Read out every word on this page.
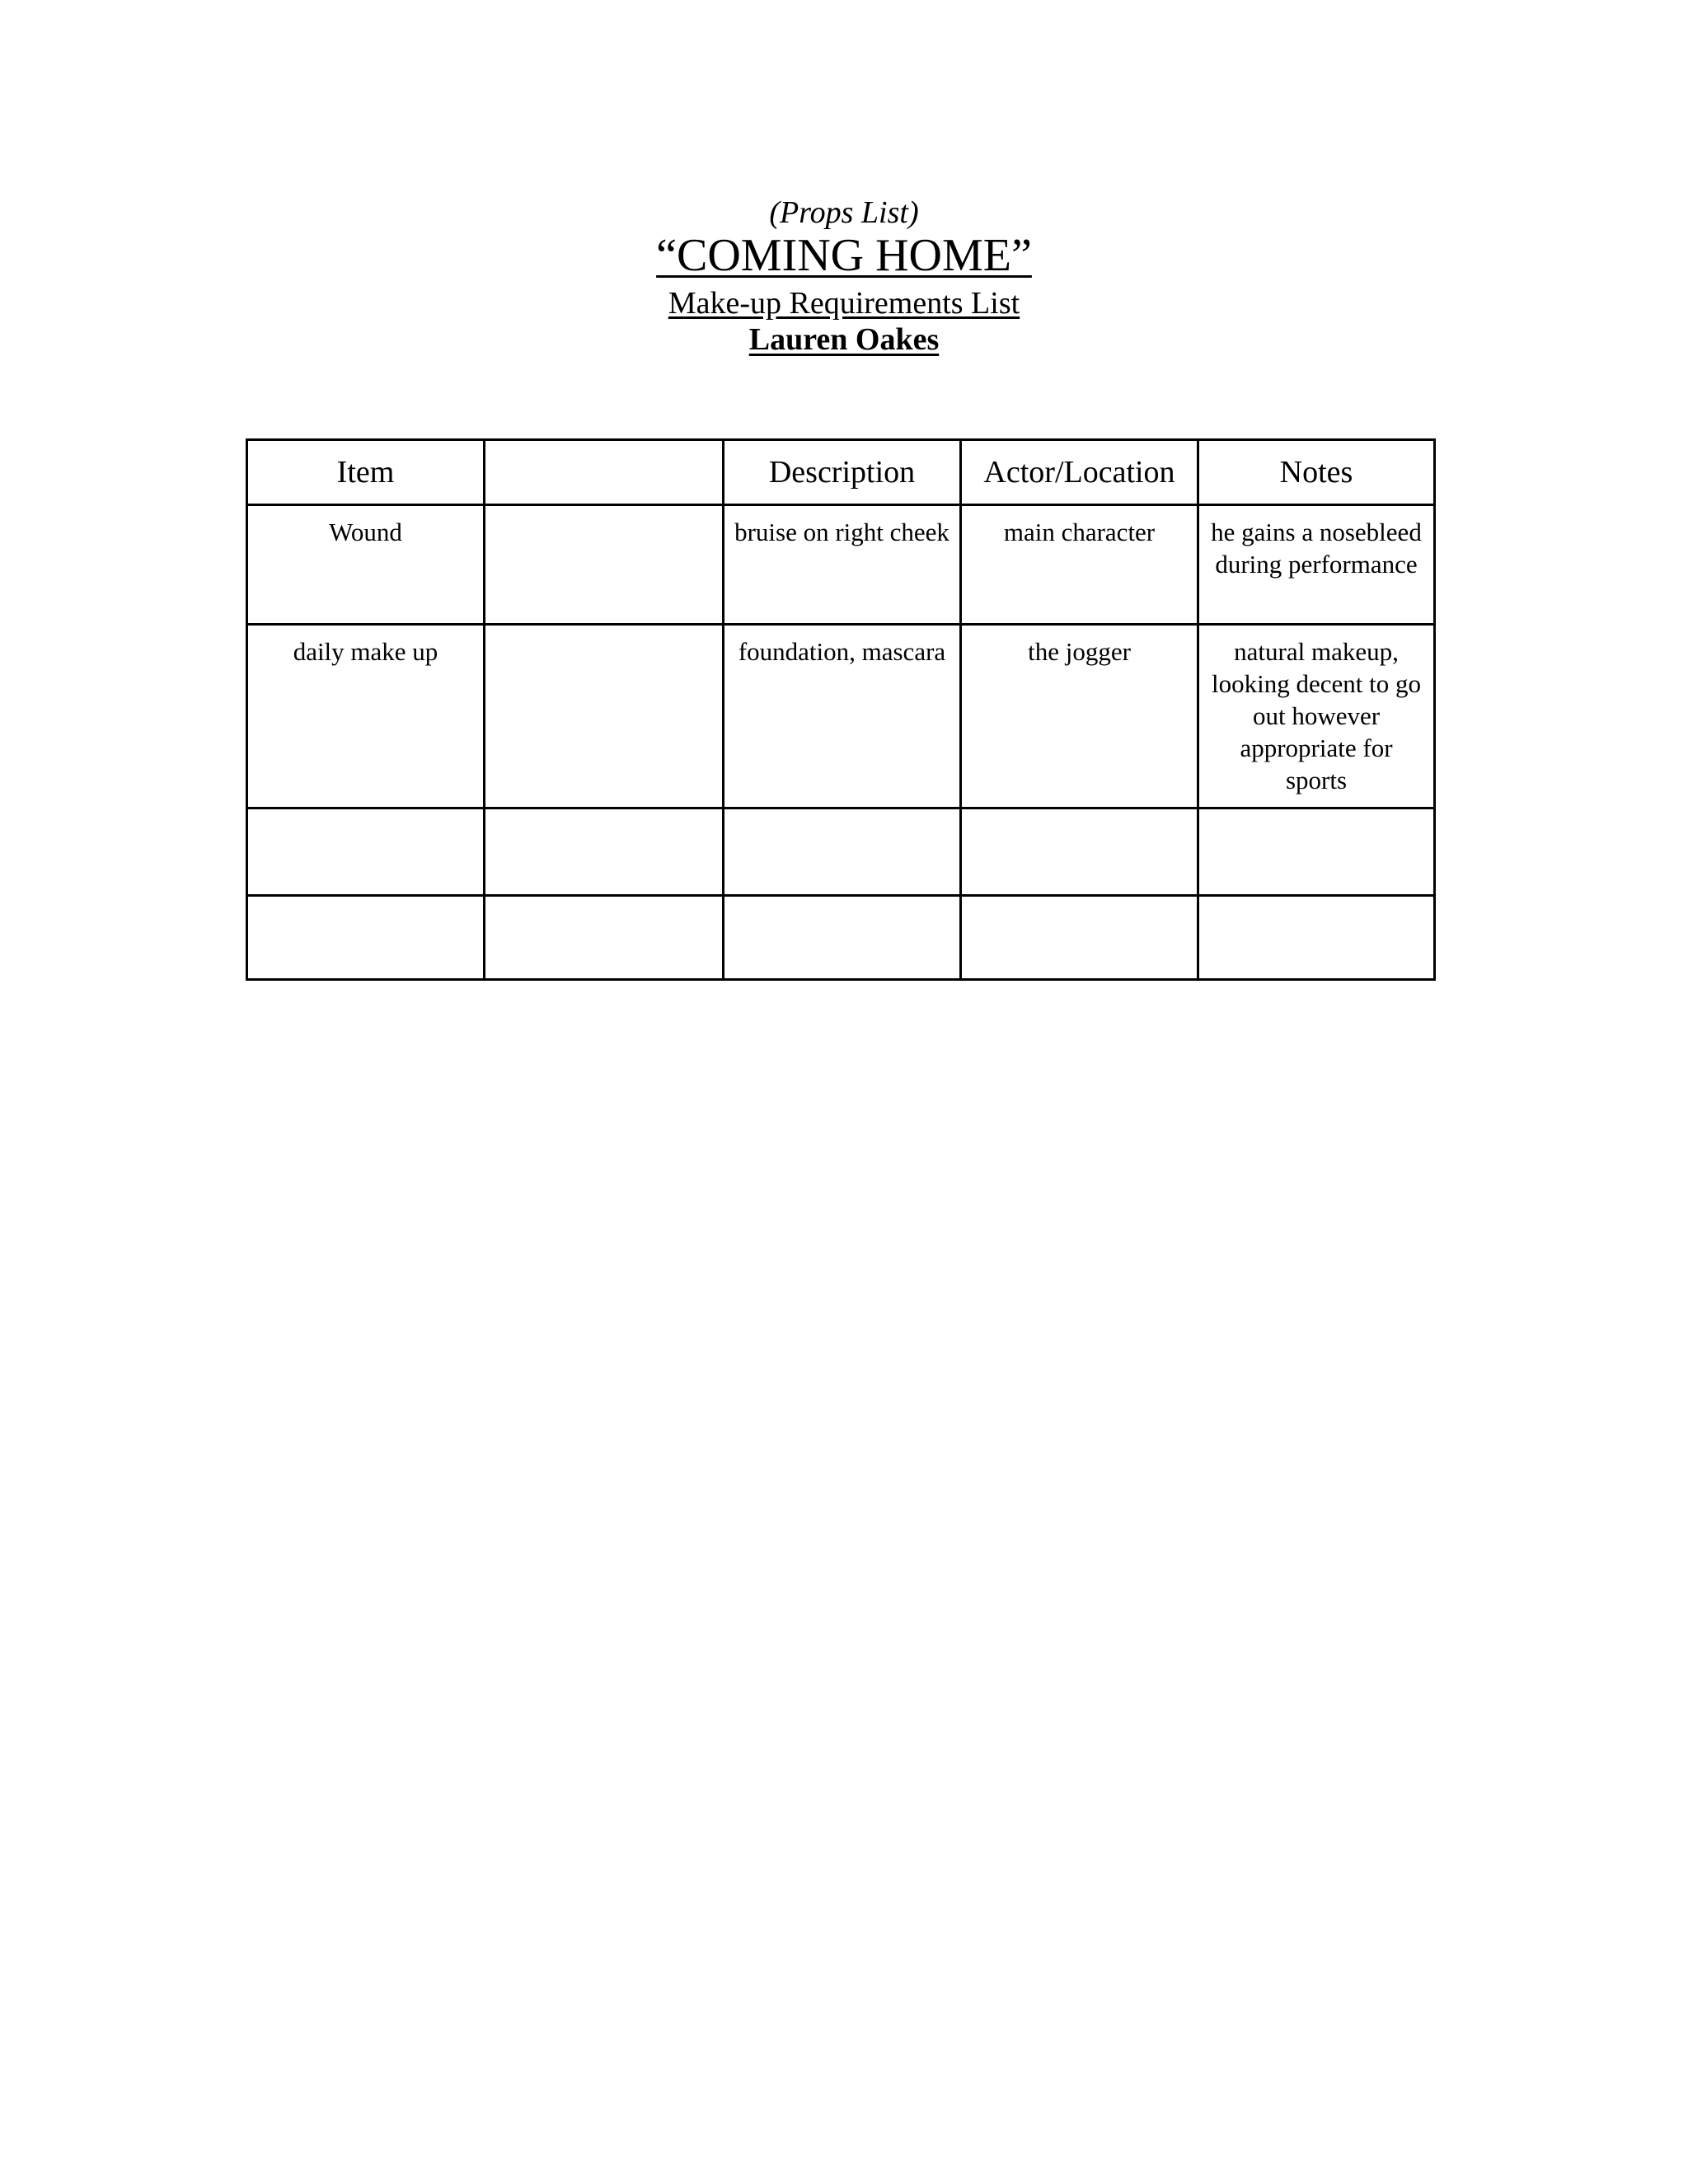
(Props List)
“COMING HOME”
Make-up Requirements List
Lauren Oakes
Item		Description	Actor/Location	Notes
Wound		bruise on right cheek	main character	he gains a nosebleed during performance
daily make up		foundation, mascara	the jogger	natural makeup, looking decent to go out however appropriate for sports
